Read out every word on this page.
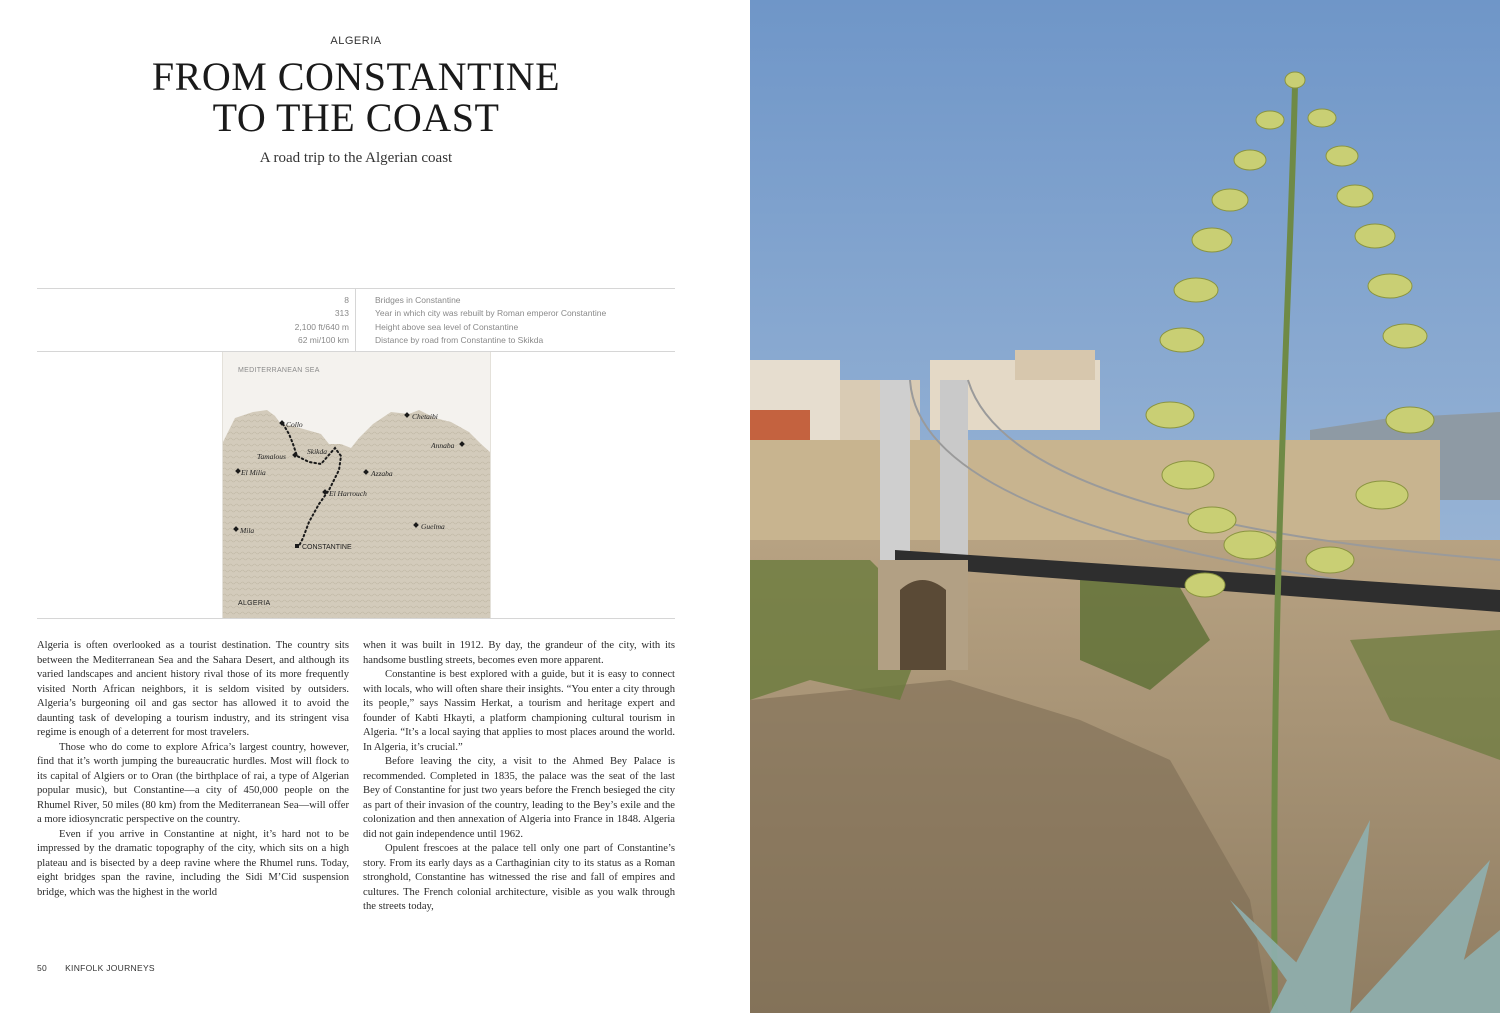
ALGERIA
FROM CONSTANTINE
TO THE COAST
A road trip to the Algerian coast
8	Bridges in Constantine
313	Year in which city was rebuilt by Roman emperor Constantine
2,100 ft/640 m	Height above sea level of Constantine
62 mi/100 km	Distance by road from Constantine to Skikda
Collo
Chetaibi
Annaba
Tamalous
Skikda
El Milia	Azzaba
El Harrouch
Mila	Guelma
CONSTANTINE
MEDITERRANEAN SEA
ALGERIA

Algeria is often overlooked as a tourist destination. The country sits between the Mediterranean Sea and the Sahara Desert, and although its varied landscapes and ancient history rival those of its more frequently visited North African neighbors, it is seldom visited by outsiders. Algeria’s burgeoning oil and gas sector has allowed it to avoid the daunting task of developing a tourism industry, and its stringent visa regime is enough of a deterrent for most travelers.

Those who do come to explore Africa’s largest country, however, find that it’s worth jumping the bureaucratic hurdles. Most will flock to its capital of Algiers or to Oran (the birthplace of rai, a type of Algerian popular music), but Constantine—a city of 450,000 people on the Rhumel River, 50 miles (80 km) from the Mediterranean Sea—will offer a more idiosyncratic perspective on the country.

Even if you arrive in Constantine at night, it’s hard not to be impressed by the dramatic topography of the city, which sits on a high plateau and is bisected by a deep ravine where the Rhumel runs. Today, eight bridges span the ravine, including the Sidi M’Cid suspension bridge, which was the highest in the world

when it was built in 1912. By day, the grandeur of the city, with its handsome bustling streets, becomes even more apparent.

Constantine is best explored with a guide, but it is easy to connect with locals, who will often share their insights. “You enter a city through its people,” says Nassim Herkat, a tourism and heritage expert and founder of Kabti Hkayti, a platform championing cultural tourism in Algeria. “It’s a local saying that applies to most places around the world. In Algeria, it’s crucial.”

Before leaving the city, a visit to the Ahmed Bey Palace is recommended. Completed in 1835, the palace was the seat of the last Bey of Constantine for just two years before the French besieged the city as part of their invasion of the country, leading to the Bey’s exile and the colonization and then annexation of Algeria into France in 1848. Algeria did not gain independence until 1962.

Opulent frescoes at the palace tell only one part of Constantine’s story. From its early days as a Carthaginian city to its status as a Roman stronghold, Constantine has witnessed the rise and fall of empires and cultures. The French colonial architecture, visible as you walk through the streets today,

50 KINFOLK JOURNEYS
